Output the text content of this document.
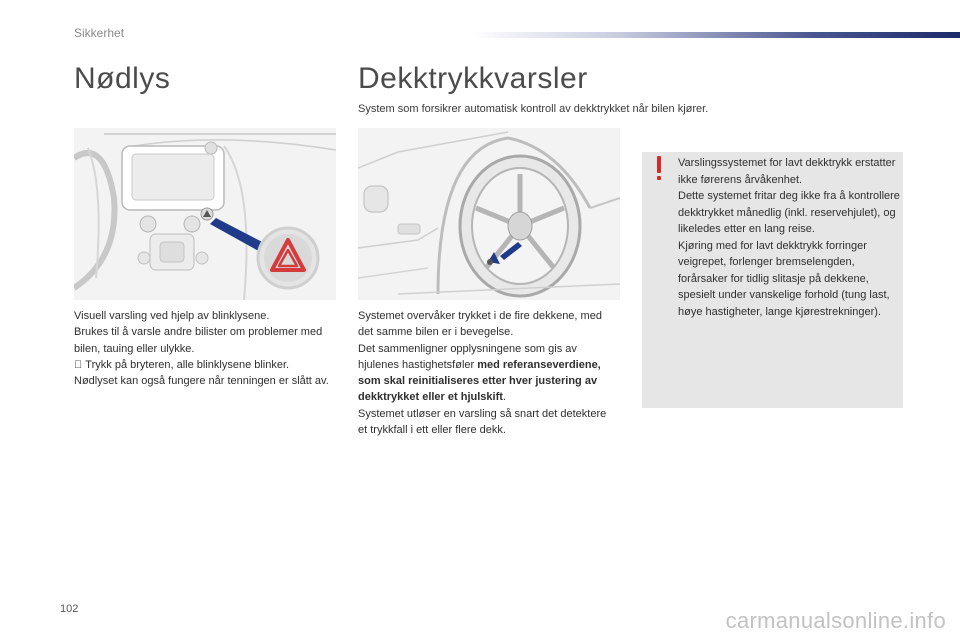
Sikkerhet
Nødlys

Visuell varsling ved hjelp av blinklysene.

Brukes til å varsle andre bilister om problemer med bilen, tauing eller ulykke.

Trykk på bryteren, alle blinklysene blinker.

Nødlyset kan også fungere når tenningen er slått av.

Dekktrykkvarsler
System som forsikrer automatisk kontroll av dekktrykket når bilen kjører.

Systemet overvåker trykket i de fire dekkene, med det samme bilen er i bevegelse.

Det sammenligner opplysningene som gis av hjulenes hastighetsføler med referanseverdiene, som skal reinitialiseres etter hver justering av dekktrykket eller et hjulskift.

Systemet utløser en varsling så snart det detektere et trykkfall i ett eller flere dekk.

Varslingssystemet for lavt dekktrykk erstatter ikke førerens årvåkenhet.
Dette systemet fritar deg ikke fra å kontrollere dekktrykket månedlig (inkl. reservehjulet), og likeledes etter en lang reise.
Kjøring med for lavt dekktrykk forringer veigrepet, forlenger bremselengden, forårsaker for tidlig slitasje på dekkene, spesielt under vanskelige forhold (tung last, høye hastigheter, lange kjørestrekninger).
102	carmanualsonline.info
